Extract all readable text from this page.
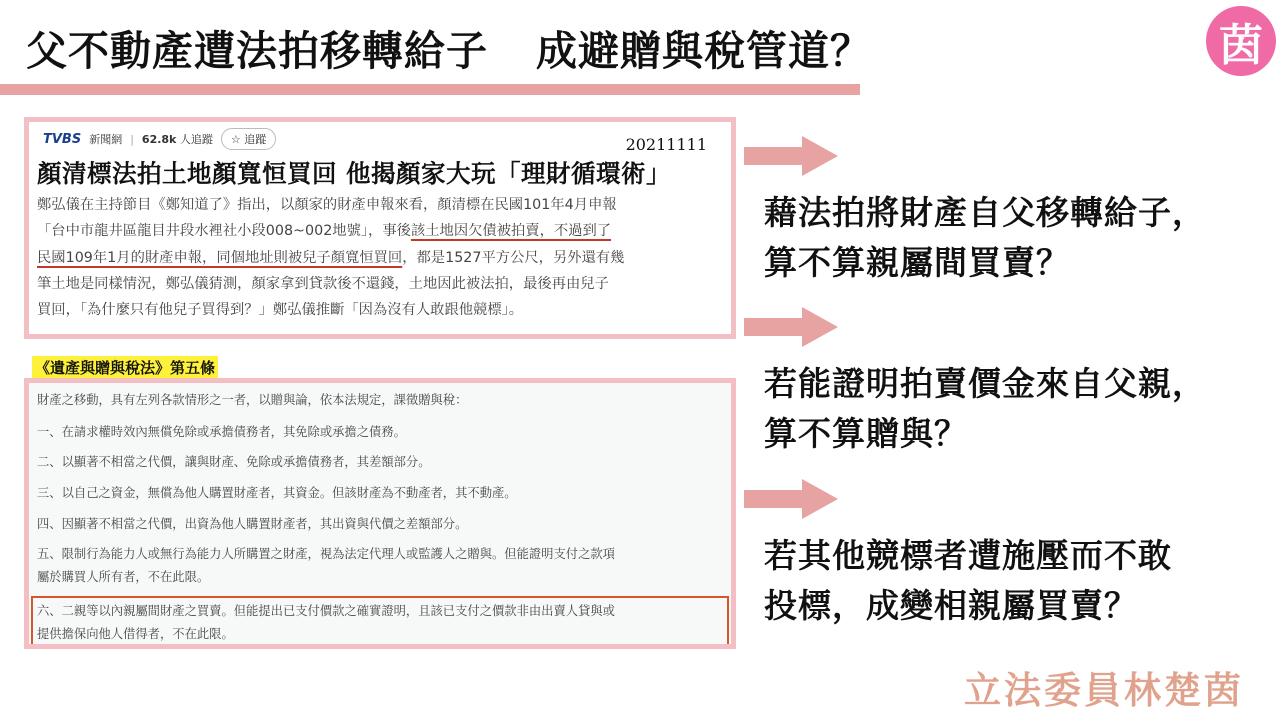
父不動產遭法拍移轉給子 成避贈與稅管道？	茵
TVBS 新聞網 | 62.8k 人追蹤	☆ 追蹤	20211111
顏清標法拍土地顏寬恒買回 他揭顏家大玩「理財循環術」
鄭弘儀在主持節目《鄭知道了》指出，以顏家的財產申報來看，顏清標在民國101年4月申報
「台中市龍井區龍目井段水裡社小段008~002地號」，事後該土地因欠債被拍賣，不過到了
民國109年1月的財產申報，同個地址則被兒子顏寬恒買回，都是1527平方公尺，另外還有幾
筆土地是同樣情況，鄭弘儀猜測，顏家拿到貸款後不還錢，土地因此被法拍，最後再由兒子
買回，「為什麼只有他兒子買得到？」鄭弘儀推斷「因為沒有人敢跟他競標」。
《遺產與贈與稅法》第五條
財產之移動，具有左列各款情形之一者，以贈與論，依本法規定，課徵贈與稅：
一、在請求權時效內無償免除或承擔債務者，其免除或承擔之債務。
二、以顯著不相當之代價，讓與財產、免除或承擔債務者，其差額部分。
三、以自己之資金，無償為他人購置財產者，其資金。但該財產為不動產者，其不動產。
四、因顯著不相當之代價，出資為他人購置財產者，其出資與代價之差額部分。
五、限制行為能力人或無行為能力人所購置之財產，視為法定代理人或監護人之贈與。但能證明支付之款項
屬於購買人所有者，不在此限。
六、二親等以內親屬間財產之買賣。但能提出已支付價款之確實證明，且該已支付之價款非由出賣人貸與或
提供擔保向他人借得者，不在此限。
藉法拍將財產自父移轉給子，
算不算親屬間買賣？
若能證明拍賣價金來自父親，
算不算贈與？
若其他競標者遭施壓而不敢
投標，成變相親屬買賣？
立法委員林楚茵
